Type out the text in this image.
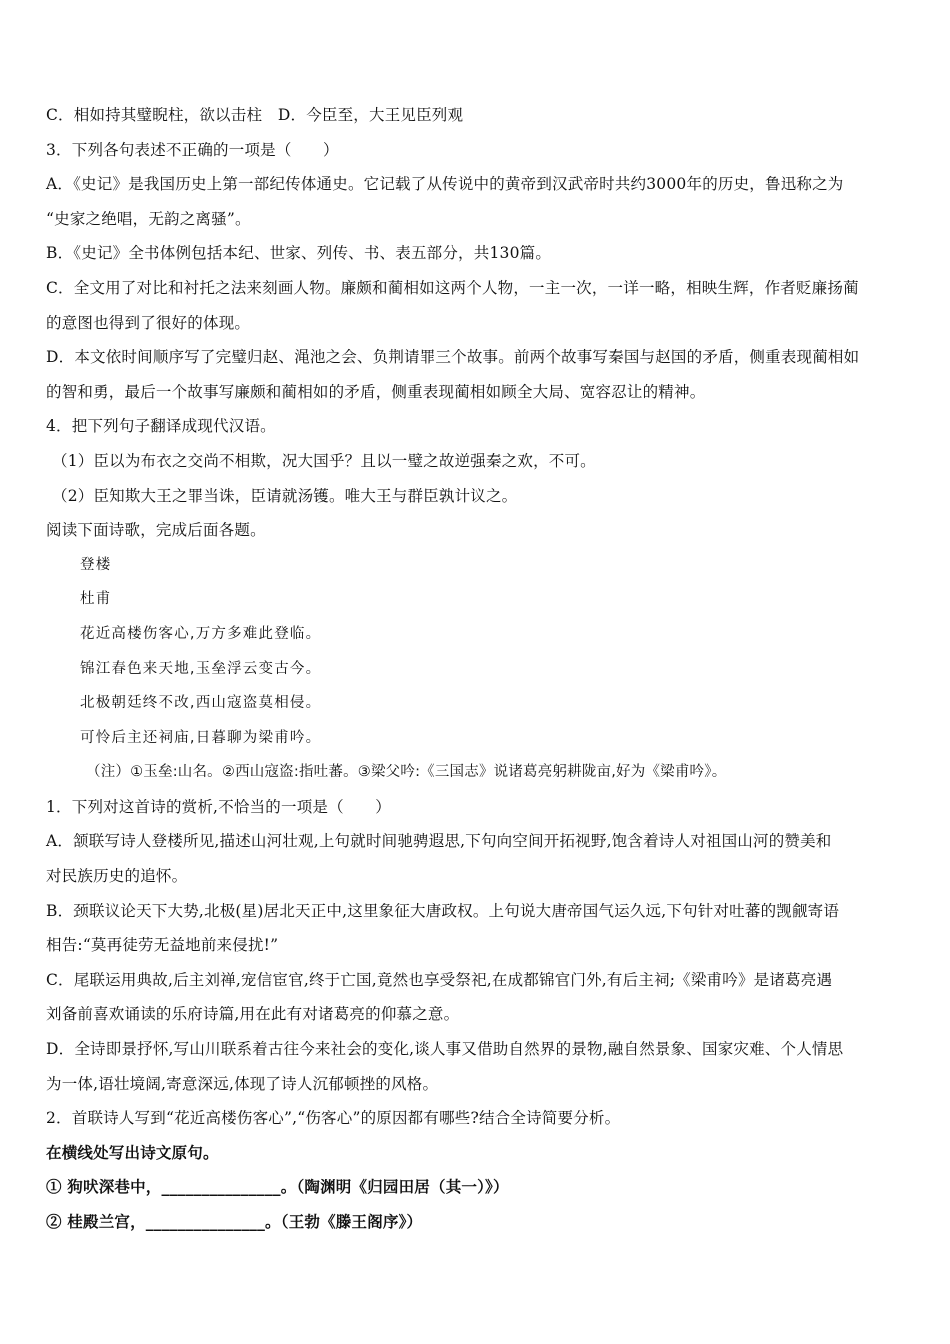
C．相如持其璧睨柱，欲以击柱　D．今臣至，大王见臣列观
3．下列各句表述不正确的一项是（　　）
A．《史记》是我国历史上第一部纪传体通史。它记载了从传说中的黄帝到汉武帝时共约3000年的历史，鲁迅称之为
“史家之绝唱，无韵之离骚”。
B．《史记》全书体例包括本纪、世家、列传、书、表五部分，共130篇。
C．全文用了对比和衬托之法来刻画人物。廉颇和蔺相如这两个人物，一主一次，一详一略，相映生辉，作者贬廉扬蔺
的意图也得到了很好的体现。
D．本文依时间顺序写了完璧归赵、渑池之会、负荆请罪三个故事。前两个故事写秦国与赵国的矛盾，侧重表现蔺相如
的智和勇，最后一个故事写廉颇和蔺相如的矛盾，侧重表现蔺相如顾全大局、宽容忍让的精神。
4．把下列句子翻译成现代汉语。
（1）臣以为布衣之交尚不相欺，况大国乎？且以一璧之故逆强秦之欢，不可。
（2）臣知欺大王之罪当诛，臣请就汤镬。唯大王与群臣孰计议之。
阅读下面诗歌，完成后面各题。
登楼
杜甫
花近高楼伤客心,万方多难此登临。
锦江春色来天地,玉垒浮云变古今。
北极朝廷终不改,西山寇盗莫相侵。
可怜后主还祠庙,日暮聊为梁甫吟。
（注）①玉垒:山名。②西山寇盗:指吐蕃。③梁父吟:《三国志》说诸葛亮躬耕陇亩,好为《梁甫吟》。
1．下列对这首诗的赏析,不恰当的一项是（　　）
A．颔联写诗人登楼所见,描述山河壮观,上句就时间驰骋遐思,下句向空间开拓视野,饱含着诗人对祖国山河的赞美和
对民族历史的追怀。
B．颈联议论天下大势,北极(星)居北天正中,这里象征大唐政权。上句说大唐帝国气运久远,下句针对吐蕃的觊觎寄语
相告:“莫再徒劳无益地前来侵扰!”
C．尾联运用典故,后主刘禅,宠信宦官,终于亡国,竟然也享受祭祀,在成都锦官门外,有后主祠;《梁甫吟》是诸葛亮遇
刘备前喜欢诵读的乐府诗篇,用在此有对诸葛亮的仰慕之意。
D．全诗即景抒怀,写山川联系着古往今来社会的变化,谈人事又借助自然界的景物,融自然景象、国家灾难、个人情思
为一体,语壮境阔,寄意深远,体现了诗人沉郁顿挫的风格。
2．首联诗人写到“花近高楼伤客心”,“伤客心”的原因都有哪些?结合全诗简要分析。
在横线处写出诗文原句。
① 狗吠深巷中，_______________。（陶渊明《归园田居（其一）》）
② 桂殿兰宫，_______________。（王勃《滕王阁序》）
